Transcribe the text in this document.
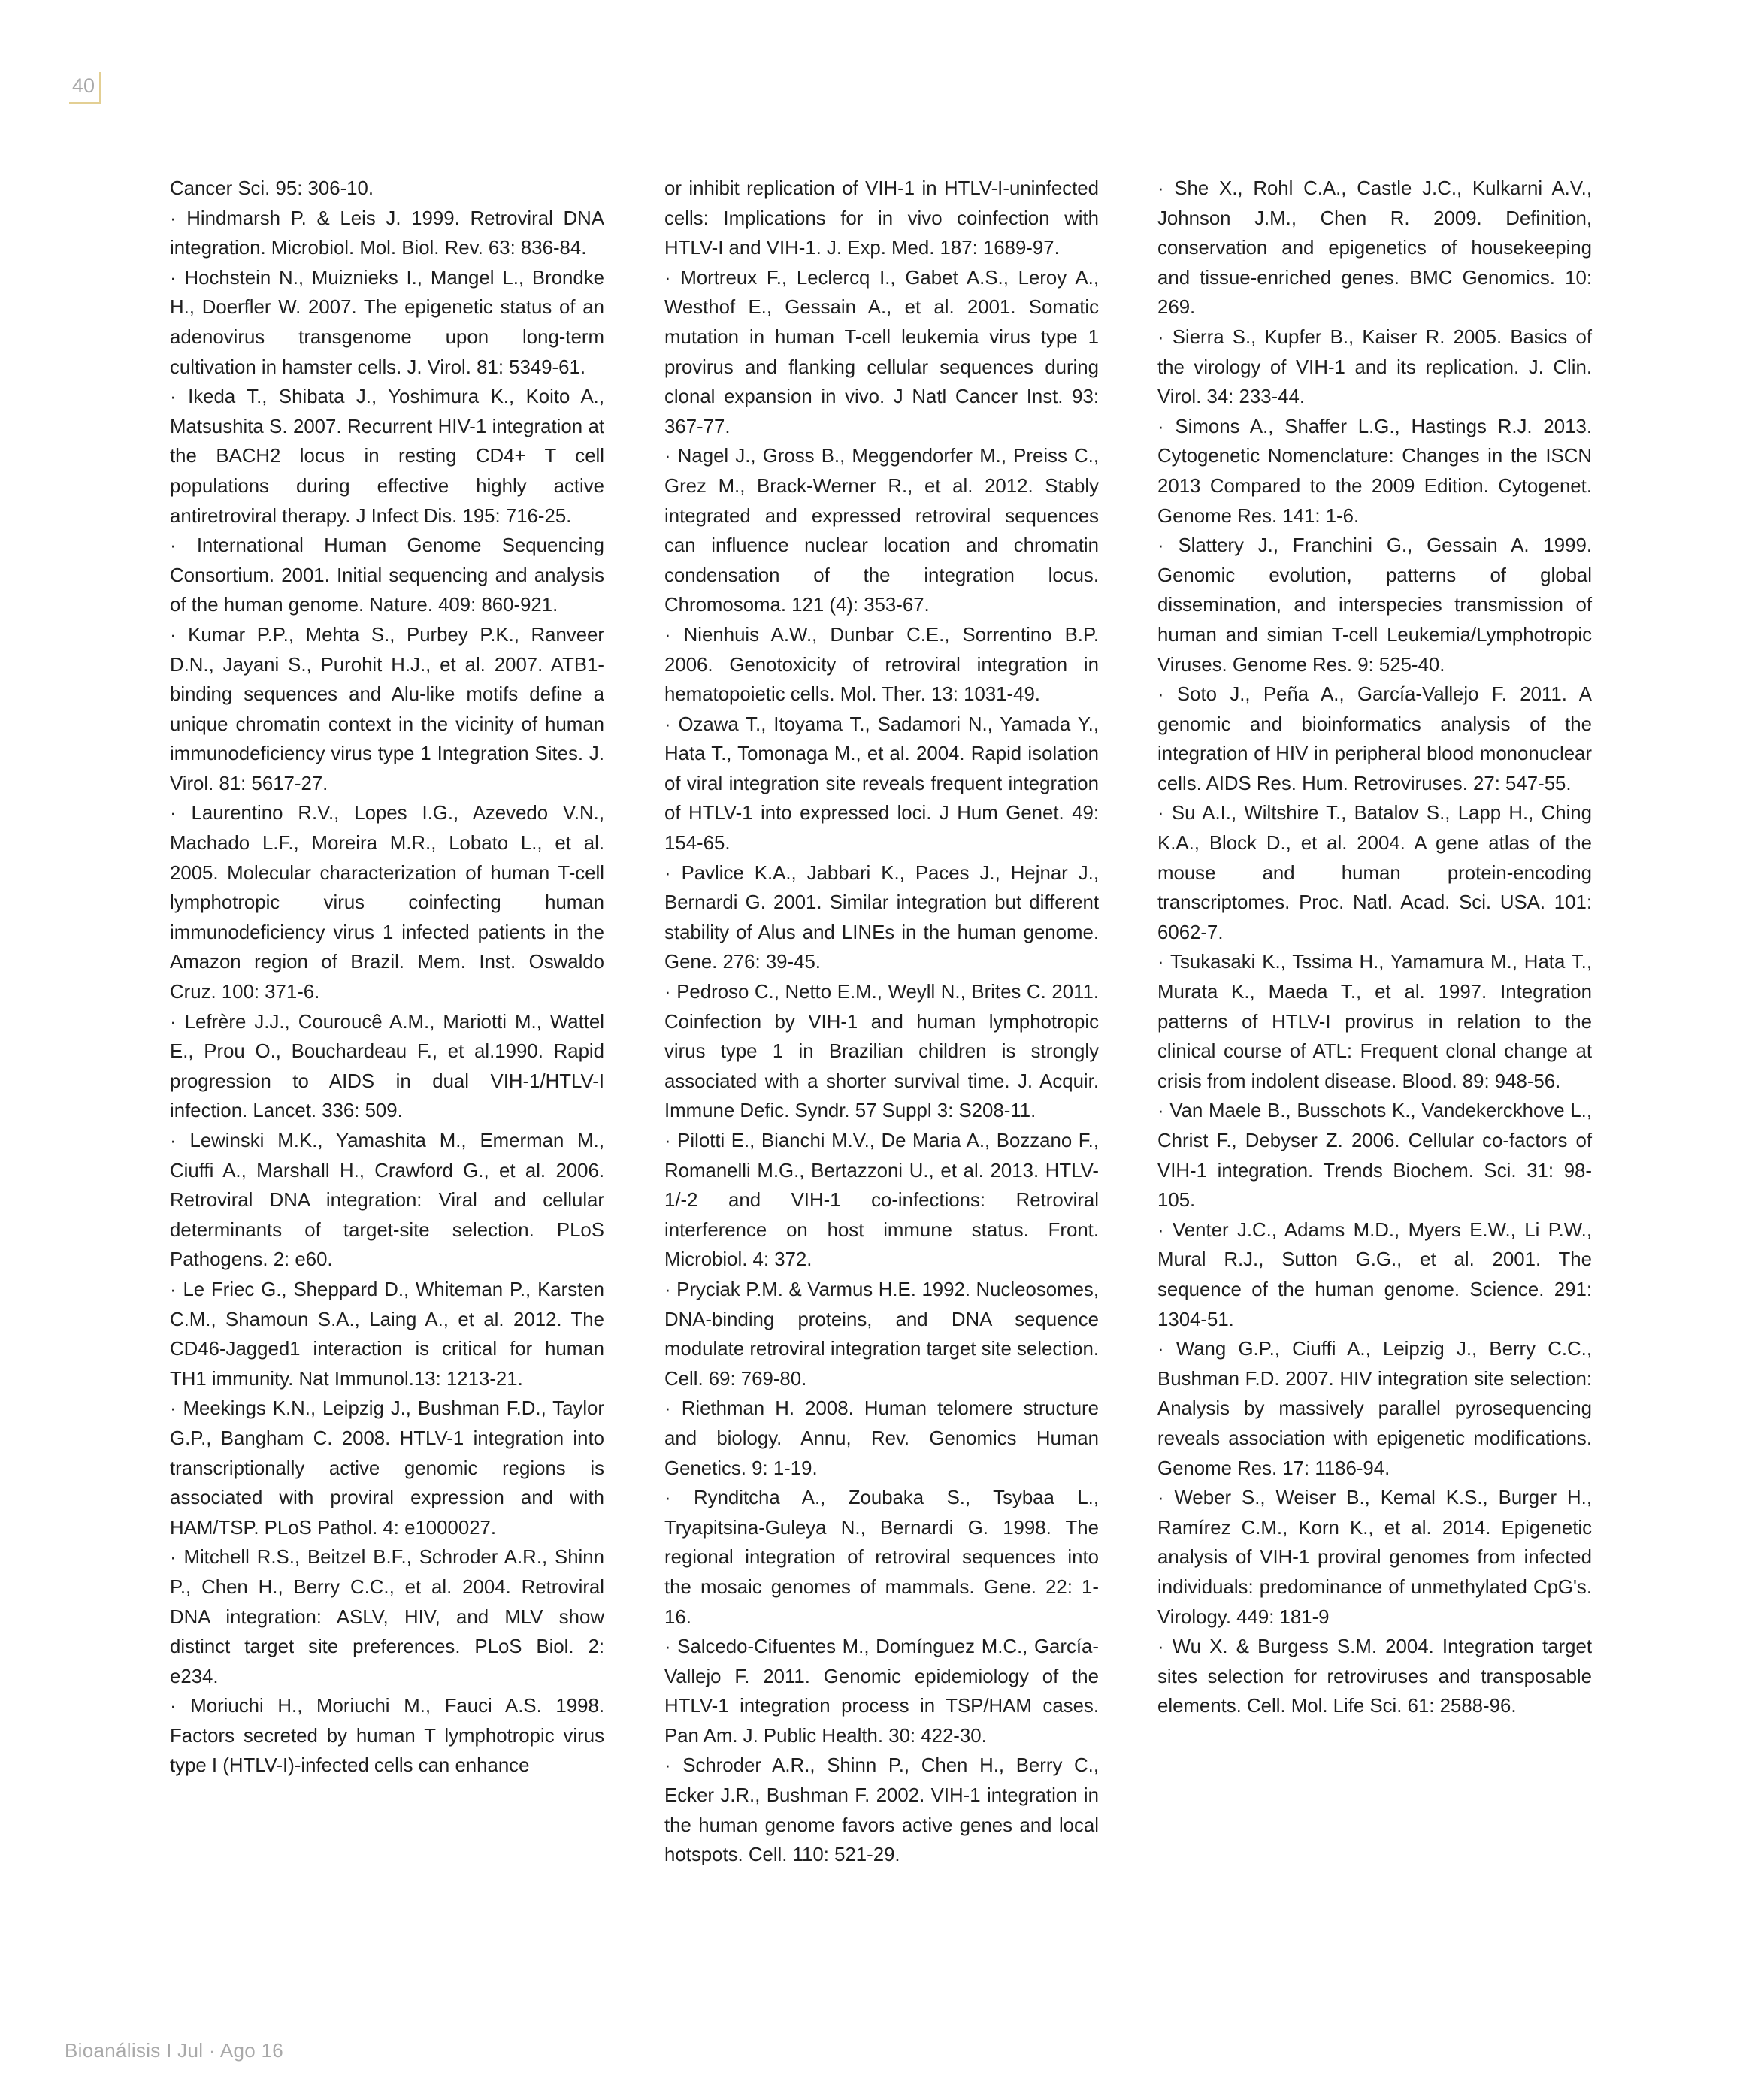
40

Cancer Sci. 95: 306-10.

· Hindmarsh P. & Leis J. 1999. Retroviral DNA integration. Microbiol. Mol. Biol. Rev. 63: 836-84.

· Hochstein N., Muiznieks I., Mangel L., Brondke H., Doerfler W. 2007. The epigenetic status of an adenovirus transgenome upon long-term cultivation in hamster cells. J. Virol. 81: 5349-61.

· Ikeda T., Shibata J., Yoshimura K., Koito A., Matsushita S. 2007. Recurrent HIV-1 integration at the BACH2 locus in resting CD4+ T cell populations during effective highly active antiretroviral therapy. J Infect Dis. 195: 716-25.

· International Human Genome Sequencing Consortium. 2001. Initial sequencing and analysis of the human genome. Nature. 409: 860-921.

· Kumar P.P., Mehta S., Purbey P.K., Ranveer D.N., Jayani S., Purohit H.J., et al. 2007. ATB1-binding sequences and Alu-like motifs define a unique chromatin context in the vicinity of human immunodeficiency virus type 1 Integration Sites. J. Virol. 81: 5617-27.

· Laurentino R.V., Lopes I.G., Azevedo V.N., Machado L.F., Moreira M.R., Lobato L., et al. 2005. Molecular characterization of human T-cell lymphotropic virus coinfecting human immunodeficiency virus 1 infected patients in the Amazon region of Brazil. Mem. Inst. Oswaldo Cruz. 100: 371-6.

· Lefrère J.J., Courouсê A.M., Mariotti M., Wattel E., Prou O., Bouchardeau F., et al.1990. Rapid progression to AIDS in dual VIH-1/HTLV-I infection. Lancet. 336: 509.

· Lewinski M.K., Yamashita M., Emerman M., Ciuffi A., Marshall H., Crawford G., et al. 2006. Retroviral DNA integration: Viral and cellular determinants of target-site selection. PLoS Pathogens. 2: e60.

· Le Friec G., Sheppard D., Whiteman P., Karsten C.M., Shamoun S.A., Laing A., et al. 2012. The CD46-Jagged1 interaction is critical for human TH1 immunity. Nat Immunol.13: 1213-21.

· Meekings K.N., Leipzig J., Bushman F.D., Taylor G.P., Bangham C. 2008. HTLV-1 integration into transcriptionally active genomic regions is associated with proviral expression and with HAM/TSP. PLoS Pathol. 4: e1000027.

· Mitchell R.S., Beitzel B.F., Schroder A.R., Shinn P., Chen H., Berry C.C., et al. 2004. Retroviral DNA integration: ASLV, HIV, and MLV show distinct target site preferences. PLoS Biol. 2: e234.

· Moriuchi H., Moriuchi M., Fauci A.S. 1998. Factors secreted by human T lymphotropic virus type I (HTLV-I)-infected cells can enhance

or inhibit replication of VIH-1 in HTLV-I-uninfected cells: Implications for in vivo coinfection with HTLV-I and VIH-1. J. Exp. Med. 187: 1689-97.

· Mortreux F., Leclercq I., Gabet A.S., Leroy A., Westhof E., Gessain A., et al. 2001. Somatic mutation in human T-cell leukemia virus type 1 provirus and flanking cellular sequences during clonal expansion in vivo. J Natl Cancer Inst. 93: 367-77.

· Nagel J., Gross B., Meggendorfer M., Preiss C., Grez M., Brack-Werner R., et al. 2012. Stably integrated and expressed retroviral sequences can influence nuclear location and chromatin condensation of the integration locus. Chromosoma. 121 (4): 353-67.

· Nienhuis A.W., Dunbar C.E., Sorrentino B.P. 2006. Genotoxicity of retroviral integration in hematopoietic cells. Mol. Ther. 13: 1031-49.

· Ozawa T., Itoyama T., Sadamori N., Yamada Y., Hata T., Tomonaga M., et al. 2004. Rapid isolation of viral integration site reveals frequent integration of HTLV-1 into expressed loci. J Hum Genet. 49: 154-65.

· Pavlice K.A., Jabbari K., Paces J., Hejnar J., Bernardi G. 2001. Similar integration but different stability of Alus and LINEs in the human genome. Gene. 276: 39-45.

· Pedroso C., Netto E.M., Weyll N., Brites C. 2011. Coinfection by VIH-1 and human lymphotropic virus type 1 in Brazilian children is strongly associated with a shorter survival time. J. Acquir. Immune Defic. Syndr. 57 Suppl 3: S208-11.

· Pilotti E., Bianchi M.V., De Maria A., Bozzano F., Romanelli M.G., Bertazzoni U., et al. 2013. HTLV-1/-2 and VIH-1 co-infections: Retroviral interference on host immune status. Front. Microbiol. 4: 372.

· Pryciak P.M. & Varmus H.E. 1992. Nucleosomes, DNA-binding proteins, and DNA sequence modulate retroviral integration target site selection. Cell. 69: 769-80.

· Riethman H. 2008. Human telomere structure and biology. Annu, Rev. Genomics Human Genetics. 9: 1-19.

· Rynditcha A., Zoubaka S., Tsybaa L., Tryapitsina-Guleya N., Bernardi G. 1998. The regional integration of retroviral sequences into the mosaic genomes of mammals. Gene. 22: 1-16.

· Salcedo-Cifuentes M., Domínguez M.C., García-Vallejo F. 2011. Genomic epidemiology of the HTLV-1 integration process in TSP/HAM cases. Pan Am. J. Public Health. 30: 422-30.

· Schroder A.R., Shinn P., Chen H., Berry C., Ecker J.R., Bushman F. 2002. VIH-1 integration in the human genome favors active genes and local hotspots. Cell. 110: 521-29.

· She X., Rohl C.A., Castle J.C., Kulkarni A.V., Johnson J.M., Chen R. 2009. Definition, conservation and epigenetics of housekeeping and tissue-enriched genes. BMC Genomics. 10: 269.

· Sierra S., Kupfer B., Kaiser R. 2005. Basics of the virology of VIH-1 and its replication. J. Clin. Virol. 34: 233-44.

· Simons A., Shaffer L.G., Hastings R.J. 2013. Cytogenetic Nomenclature: Changes in the ISCN 2013 Compared to the 2009 Edition. Cytogenet. Genome Res. 141: 1-6.

· Slattery J., Franchini G., Gessain A. 1999. Genomic evolution, patterns of global dissemination, and interspecies transmission of human and simian T-cell Leukemia/Lymphotropic Viruses. Genome Res. 9: 525-40.

· Soto J., Peña A., García-Vallejo F. 2011. A genomic and bioinformatics analysis of the integration of HIV in peripheral blood mononuclear cells. AIDS Res. Hum. Retroviruses. 27: 547-55.

· Su A.I., Wiltshire T., Batalov S., Lapp H., Ching K.A., Block D., et al. 2004. A gene atlas of the mouse and human protein-encoding transcriptomes. Proc. Natl. Acad. Sci. USA. 101: 6062-7.

· Tsukasaki K., Tssima H., Yamamura M., Hata T., Murata K., Maeda T., et al. 1997. Integration patterns of HTLV-I provirus in relation to the clinical course of ATL: Frequent clonal change at crisis from indolent disease. Blood. 89: 948-56.

· Van Maele B., Busschots K., Vandekerckhove L., Christ F., Debyser Z. 2006. Cellular co-factors of VIH-1 integration. Trends Biochem. Sci. 31: 98-105.

· Venter J.C., Adams M.D., Myers E.W., Li P.W., Mural R.J., Sutton G.G., et al. 2001. The sequence of the human genome. Science. 291: 1304-51.

· Wang G.P., Ciuffi A., Leipzig J., Berry C.C., Bushman F.D. 2007. HIV integration site selection: Analysis by massively parallel pyrosequencing reveals association with epigenetic modifications. Genome Res. 17: 1186-94.

· Weber S., Weiser B., Kemal K.S., Burger H., Ramírez C.M., Korn K., et al. 2014. Epigenetic analysis of VIH-1 proviral genomes from infected individuals: predominance of unmethylated CpG's. Virology. 449: 181-9

· Wu X. & Burgess S.M. 2004. Integration target sites selection for retroviruses and transposable elements. Cell. Mol. Life Sci. 61: 2588-96.

Bioanálisis I Jul · Ago 16
